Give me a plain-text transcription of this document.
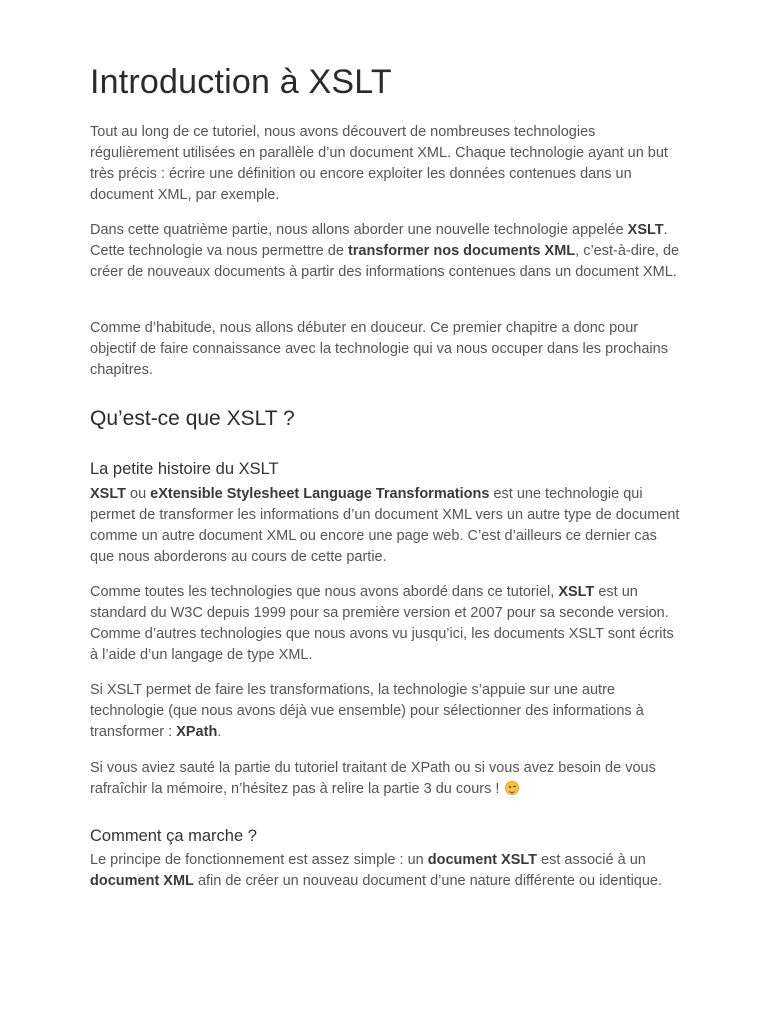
Introduction à XSLT

Tout au long de ce tutoriel, nous avons découvert de nombreuses technologies régulièrement utilisées en parallèle d’un document XML. Chaque technologie ayant un but très précis : écrire une définition ou encore exploiter les données contenues dans un document XML, par exemple.

Dans cette quatrième partie, nous allons aborder une nouvelle technologie appelée XSLT. Cette technologie va nous permettre de transformer nos documents XML, c’est-à-dire, de créer de nouveaux documents à partir des informations contenues dans un document XML.

Comme d’habitude, nous allons débuter en douceur. Ce premier chapitre a donc pour objectif de faire connaissance avec la technologie qui va nous occuper dans les prochains chapitres.

Qu’est-ce que XSLT ?
La petite histoire du XSLT

XSLT ou eXtensible Stylesheet Language Transformations est une technologie qui permet de transformer les informations d’un document XML vers un autre type de document comme un autre document XML ou encore une page web. C’est d’ailleurs ce dernier cas que nous aborderons au cours de cette partie.

Comme toutes les technologies que nous avons abordé dans ce tutoriel, XSLT est un standard du W3C depuis 1999 pour sa première version et 2007 pour sa seconde version. Comme d’autres technologies que nous avons vu jusqu’ici, les documents XSLT sont écrits à l’aide d’un langage de type XML.

Si XSLT permet de faire les transformations, la technologie s’appuie sur une autre technologie (que nous avons déjà vue ensemble) pour sélectionner des informations à transformer : XPath.

Si vous aviez sauté la partie du tutoriel traitant de XPath ou si vous avez besoin de vous rafraîchir la mémoire, n’hésitez pas à relire la partie 3 du cours !

Comment ça marche ?

Le principe de fonctionnement est assez simple : un document XSLT est associé à un document XML afin de créer un nouveau document d’une nature différente ou identique.
